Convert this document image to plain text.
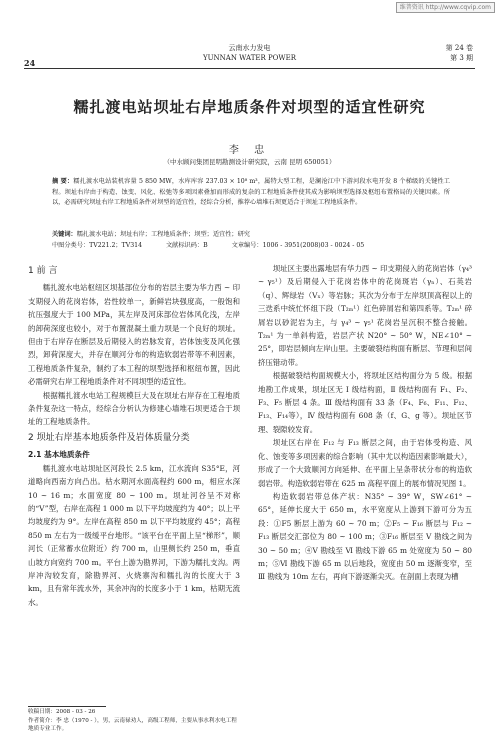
维普资讯 http://www.cqvip.com
24
云南水力发电
YUNNAN WATER POWER
第 24 卷
第 3 期
糯扎渡电站坝址右岸地质条件对坝型的适宜性研究
李 忠
（中水顾问集团昆明勘测设计研究院，云南 昆明 650051）
摘 要：糯扎渡水电站装机容量 5 850 MW，水库库容 237.03 × 10⁸ m³，属特大型工程，是澜沧江中下游河段水电开发 8 个梯级的关键性工程。坝址右岸由于构造、蚀变、风化、松弛等多项因素叠加而形成的复杂的工程地质条件使其成为影响坝型选择及枢纽布置格局的关键因素。所以，必需研究坝址右岸工程地质条件对坝型的适宜性，经综合分析，推荐心墙堆石坝更适合于坝址工程地质条件。
关键词：糯扎渡水电站；坝址右岸；工程地质条件；坝型；适宜性；研究
中图分类号：TV221.2；TV314	文献标识码：B	文章编号：1006 - 3951(2008)03 - 0024 - 05
1 前 言

糯扎渡水电站枢纽区坝基部位分布的岩层主要为华力西 ~ 印支期侵入的花岗岩体，岩性较单一，新鲜岩块强度高，一般饱和抗压强度大于 100 MPa，其左岸及河床部位岩体风化浅，左岸的卸荷深度也较小，对于布置混凝土重力坝是一个良好的坝址。但由于右岸存在断层及后期侵入的岩脉发育，岩体蚀变及风化强烈，卸荷深度大，并存在顺河分布的构造软弱岩带等不利因素，工程地质条件复杂，制约了本工程的坝型选择和枢纽布置，因此必需研究右岸工程地质条件对不同坝型的适宜性。

根据糯扎渡水电站工程规模巨大及在坝址右岸存在工程地质条件复杂这一特点，经综合分析认为修建心墙堆石坝更适合于坝址的工程地质条件。

2 坝址右岸基本地质条件及岩体质量分类
2.1 基本地质条件

糯扎渡水电站坝址区河段长 2.5 km，江水流向 S35°E，河道略向西南方向凸出。枯水期河水面高程约 600 m，相应水深 10 ~ 16 m；水面宽度 80 ~ 100 m。坝址河谷呈不对称的“V”型，右岸在高程 1 000 m 以下平均坡度约为 40°；以上平均坡度约为 9°。左岸在高程 850 m 以下平均坡度约 45°；高程 850 m 左右为一级缓平台地形。“该平台在平面上呈“梯形”，顺河长（正常蓄水位附近）约 700 m，山里侧长约 250 m，垂直山坡方向宽约 700 m。平台上游为勘界河，下游为糯扎支沟。两岸冲沟较发育，除勘界河、火烧寨沟和糯扎沟的长度大于 3 km，且有常年流水外，其余冲沟的长度多小于 1 km，枯期无流水。

坝址区主要出露地层有华力西 ~ 印支期侵入的花岗岩体（γ₄³ ~ γ₅¹）及后期侵入于花岗岩体中的花岗斑岩（γₙ）、石英岩（q）、辉绿岩（Vₓ）等岩脉；其次为分布于左岸坝顶高程以上的三迭系中统忙怀组下段（T₂ₘ¹）红色碎屑岩和第四系等。T₂ₘ¹ 碎屑岩以砂泥岩为主，与 γ₄³ ~ γ₅¹ 花岗岩呈沉积不整合接触。T₂ₘ¹ 为一单斜构造，岩层产状 N20° ~ 50° W，NE∠10° ~ 25°，即岩层倾向左岸山里。主要破裂结构面有断层、节理和层间挤压错动带。

根据破裂结构面规模大小，将坝址区结构面分为 5 级。根据地勘工作成果，坝址区无 Ⅰ 级结构面，Ⅱ 级结构面有 F₁、F₂、F₃、F₅ 断层 4 条。Ⅲ 级结构面有 33 条（F₄、F₆、F₁₁、F₁₂、F₁₃、F₁₄等），Ⅳ 级结构面有 608 条（f、G、g 等）。坝址区节理、裂隙较发育。

坝址区右岸在 F₁₂ 与 F₁₃ 断层之间，由于岩体受构造、风化、蚀变等多项因素的综合影响（其中尤以构造因素影响最大），形成了一个大致顺河方向延伸、在平面上呈条带状分布的构造软弱岩带。构造软弱岩带在 625 m 高程平面上的展布情况见图 1。

构造软弱岩带总体产状：N35° ~ 39° W，SW∠61° ~ 65°，延伸长度大于 650 m，水平宽度从上游到下游可分为五段：①F5 断层上游为 60 ~ 70 m；②F₅ ~ F₁₆ 断层与 F₁₂ ~ F₁₃ 断层交汇部位为 80 ~ 100 m；③F₁₆ 断层至 Ⅴ 勘线之间为 30 ~ 50 m；④Ⅴ 勘线至 Ⅵ 勘线下游 65 m 处宽度为 50 ~ 80 m；⑤Ⅵ 勘线下游 65 m 以后地段，宽度由 50 m 逐渐变窄，至 Ⅲ 勘线为 10m 左右，再向下游逐渐尖灭。在剖面上表现为槽

收稿日期：2008 - 03 - 26
作者简介：李 忠（1970 - ），男，云南禄劝人，高级工程师，主要从事水利水电工程地质专业工作。
